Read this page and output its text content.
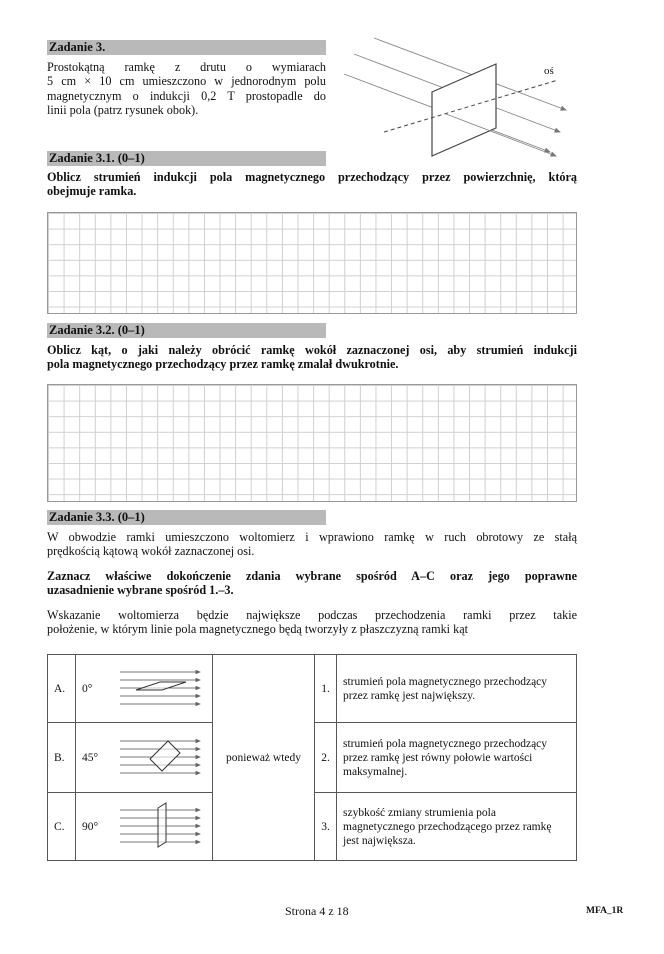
Zadanie 3.
Prostokątną ramkę z drutu o wymiarach
5 cm × 10 cm umieszczono w jednorodnym polu
magnetycznym o indukcji 0,2 T prostopadle do
linii pola (patrz rysunek obok).
oś
Zadanie 3.1. (0–1)
Oblicz strumień indukcji pola magnetycznego przechodzący przez powierzchnię, którą
obejmuje ramka.
Zadanie 3.2. (0–1)
Oblicz kąt, o jaki należy obrócić ramkę wokół zaznaczonej osi, aby strumień indukcji
pola magnetycznego przechodzący przez ramkę zmalał dwukrotnie.
Zadanie 3.3. (0–1)
W obwodzie ramki umieszczono woltomierz i wprawiono ramkę w ruch obrotowy ze stałą
prędkością kątową wokół zaznaczonej osi.
Zaznacz właściwe dokończenie zdania wybrane spośród A–C oraz jego poprawne
uzasadnienie wybrane spośród 1.–3.
Wskazanie woltomierza będzie największe podczas przechodzenia ramki przez takie
położenie, w którym linie pola magnetycznego będą tworzyły z płaszczyzną ramki kąt
A.	0°		ponieważ wtedy	1.	strumień pola magnetycznego przechodzący przez ramkę jest największy.
B.	45°			2.	strumień pola magnetycznego przechodzący przez ramkę jest równy połowie wartości maksymalnej.
C.	90°			3.	szybkość zmiany strumienia pola magnetycznego przechodzącego przez ramkę jest największa.
Strona 4 z 18	MFA_1R
